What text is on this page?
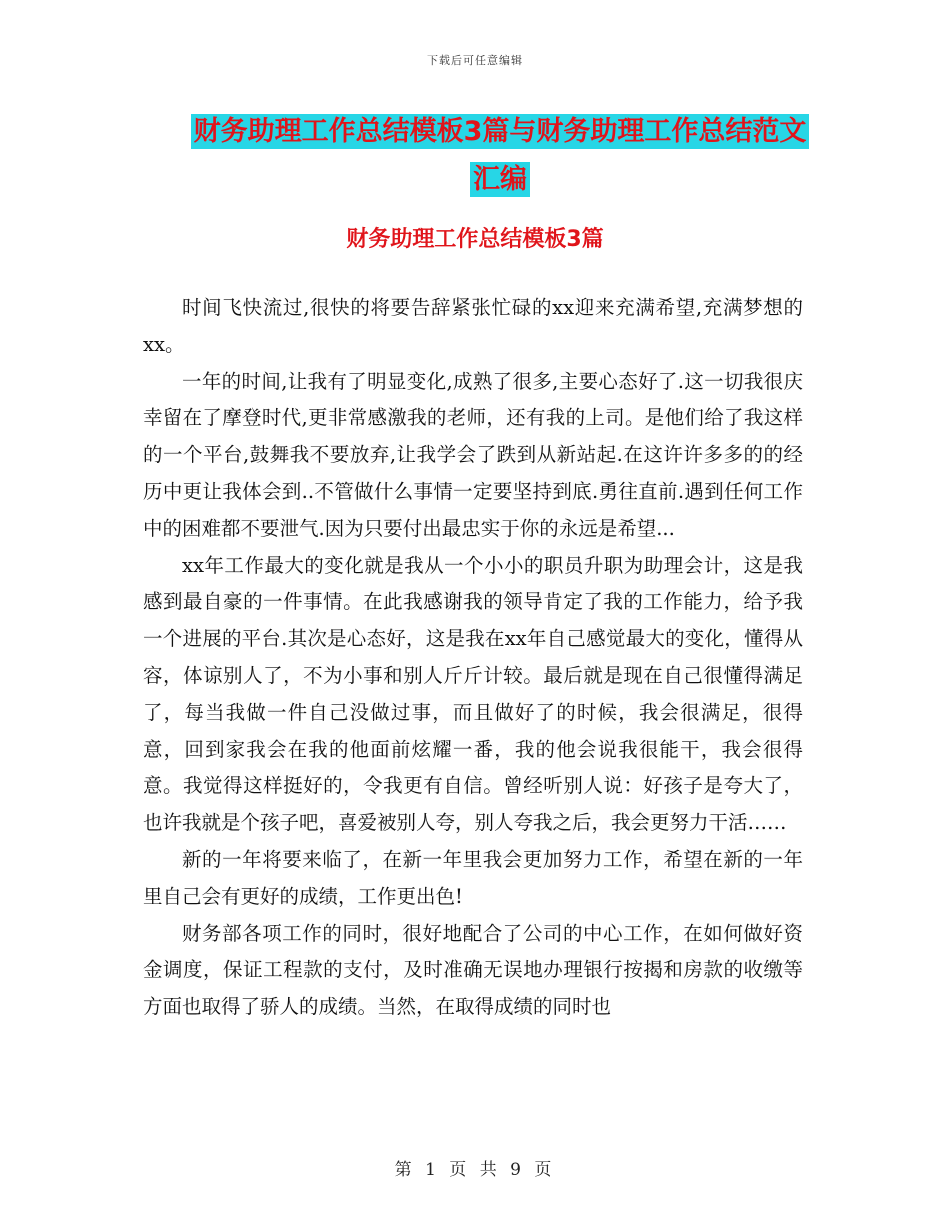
下载后可任意编辑
财务助理工作总结模板3篇与财务助理工作总结范文汇编
财务助理工作总结模板3篇

时间飞快流过,很快的将要告辞紧张忙碌的xx迎来充满希望,充满梦想的xx。

一年的时间,让我有了明显变化,成熟了很多,主要心态好了.这一切我很庆幸留在了摩登时代,更非常感激我的老师，还有我的上司。是他们给了我这样的一个平台,鼓舞我不要放弃,让我学会了跌到从新站起.在这许许多多的的经历中更让我体会到..不管做什么事情一定要坚持到底.勇往直前.遇到任何工作中的困难都不要泄气.因为只要付出最忠实于你的永远是希望...

xx年工作最大的变化就是我从一个小小的职员升职为助理会计，这是我感到最自豪的一件事情。在此我感谢我的领导肯定了我的工作能力，给予我一个进展的平台.其次是心态好，这是我在xx年自己感觉最大的变化，懂得从容，体谅别人了，不为小事和别人斤斤计较。最后就是现在自己很懂得满足了，每当我做一件自己没做过事，而且做好了的时候，我会很满足，很得意，回到家我会在我的他面前炫耀一番，我的他会说我很能干，我会很得意。我觉得这样挺好的，令我更有自信。曾经听别人说：好孩子是夸大了，也许我就是个孩子吧，喜爱被别人夸，别人夸我之后，我会更努力干活……

新的一年将要来临了，在新一年里我会更加努力工作，希望在新的一年里自己会有更好的成绩，工作更出色!

财务部各项工作的同时，很好地配合了公司的中心工作，在如何做好资金调度，保证工程款的支付，及时准确无误地办理银行按揭和房款的收缴等方面也取得了骄人的成绩。当然，在取得成绩的同时也

第 1 页 共 9 页
